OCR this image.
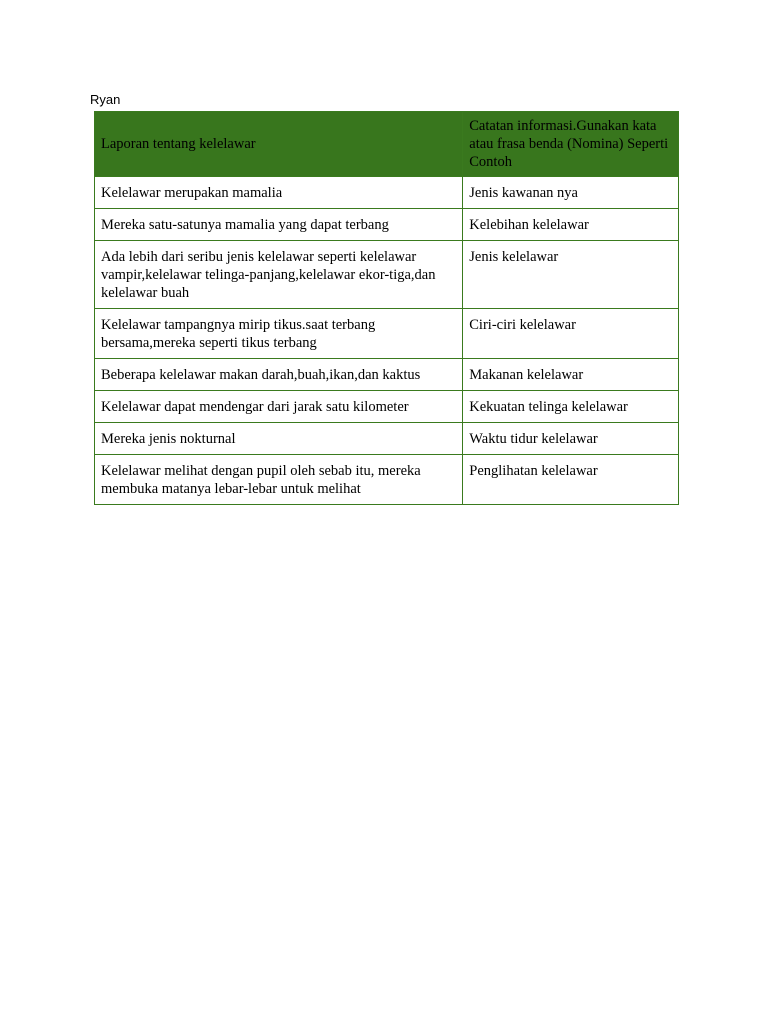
Ryan

Laporan tentang kelelawar	Catatan informasi.Gunakan kata atau frasa benda (Nomina) Seperti Contoh
Kelelawar merupakan mamalia	Jenis kawanan nya
Mereka satu-satunya mamalia yang dapat terbang	Kelebihan kelelawar
Ada lebih dari seribu jenis kelelawar seperti kelelawar vampir,kelelawar telinga-panjang,kelelawar ekor-tiga,dan kelelawar buah	Jenis kelelawar
Kelelawar tampangnya mirip tikus.saat terbang bersama,mereka seperti tikus terbang	Ciri-ciri kelelawar
Beberapa kelelawar makan darah,buah,ikan,dan kaktus	Makanan kelelawar
Kelelawar dapat mendengar dari jarak satu kilometer	Kekuatan telinga kelelawar
Mereka jenis nokturnal	Waktu tidur kelelawar
Kelelawar melihat dengan pupil oleh sebab itu, mereka membuka matanya lebar-lebar untuk melihat	Penglihatan kelelawar
